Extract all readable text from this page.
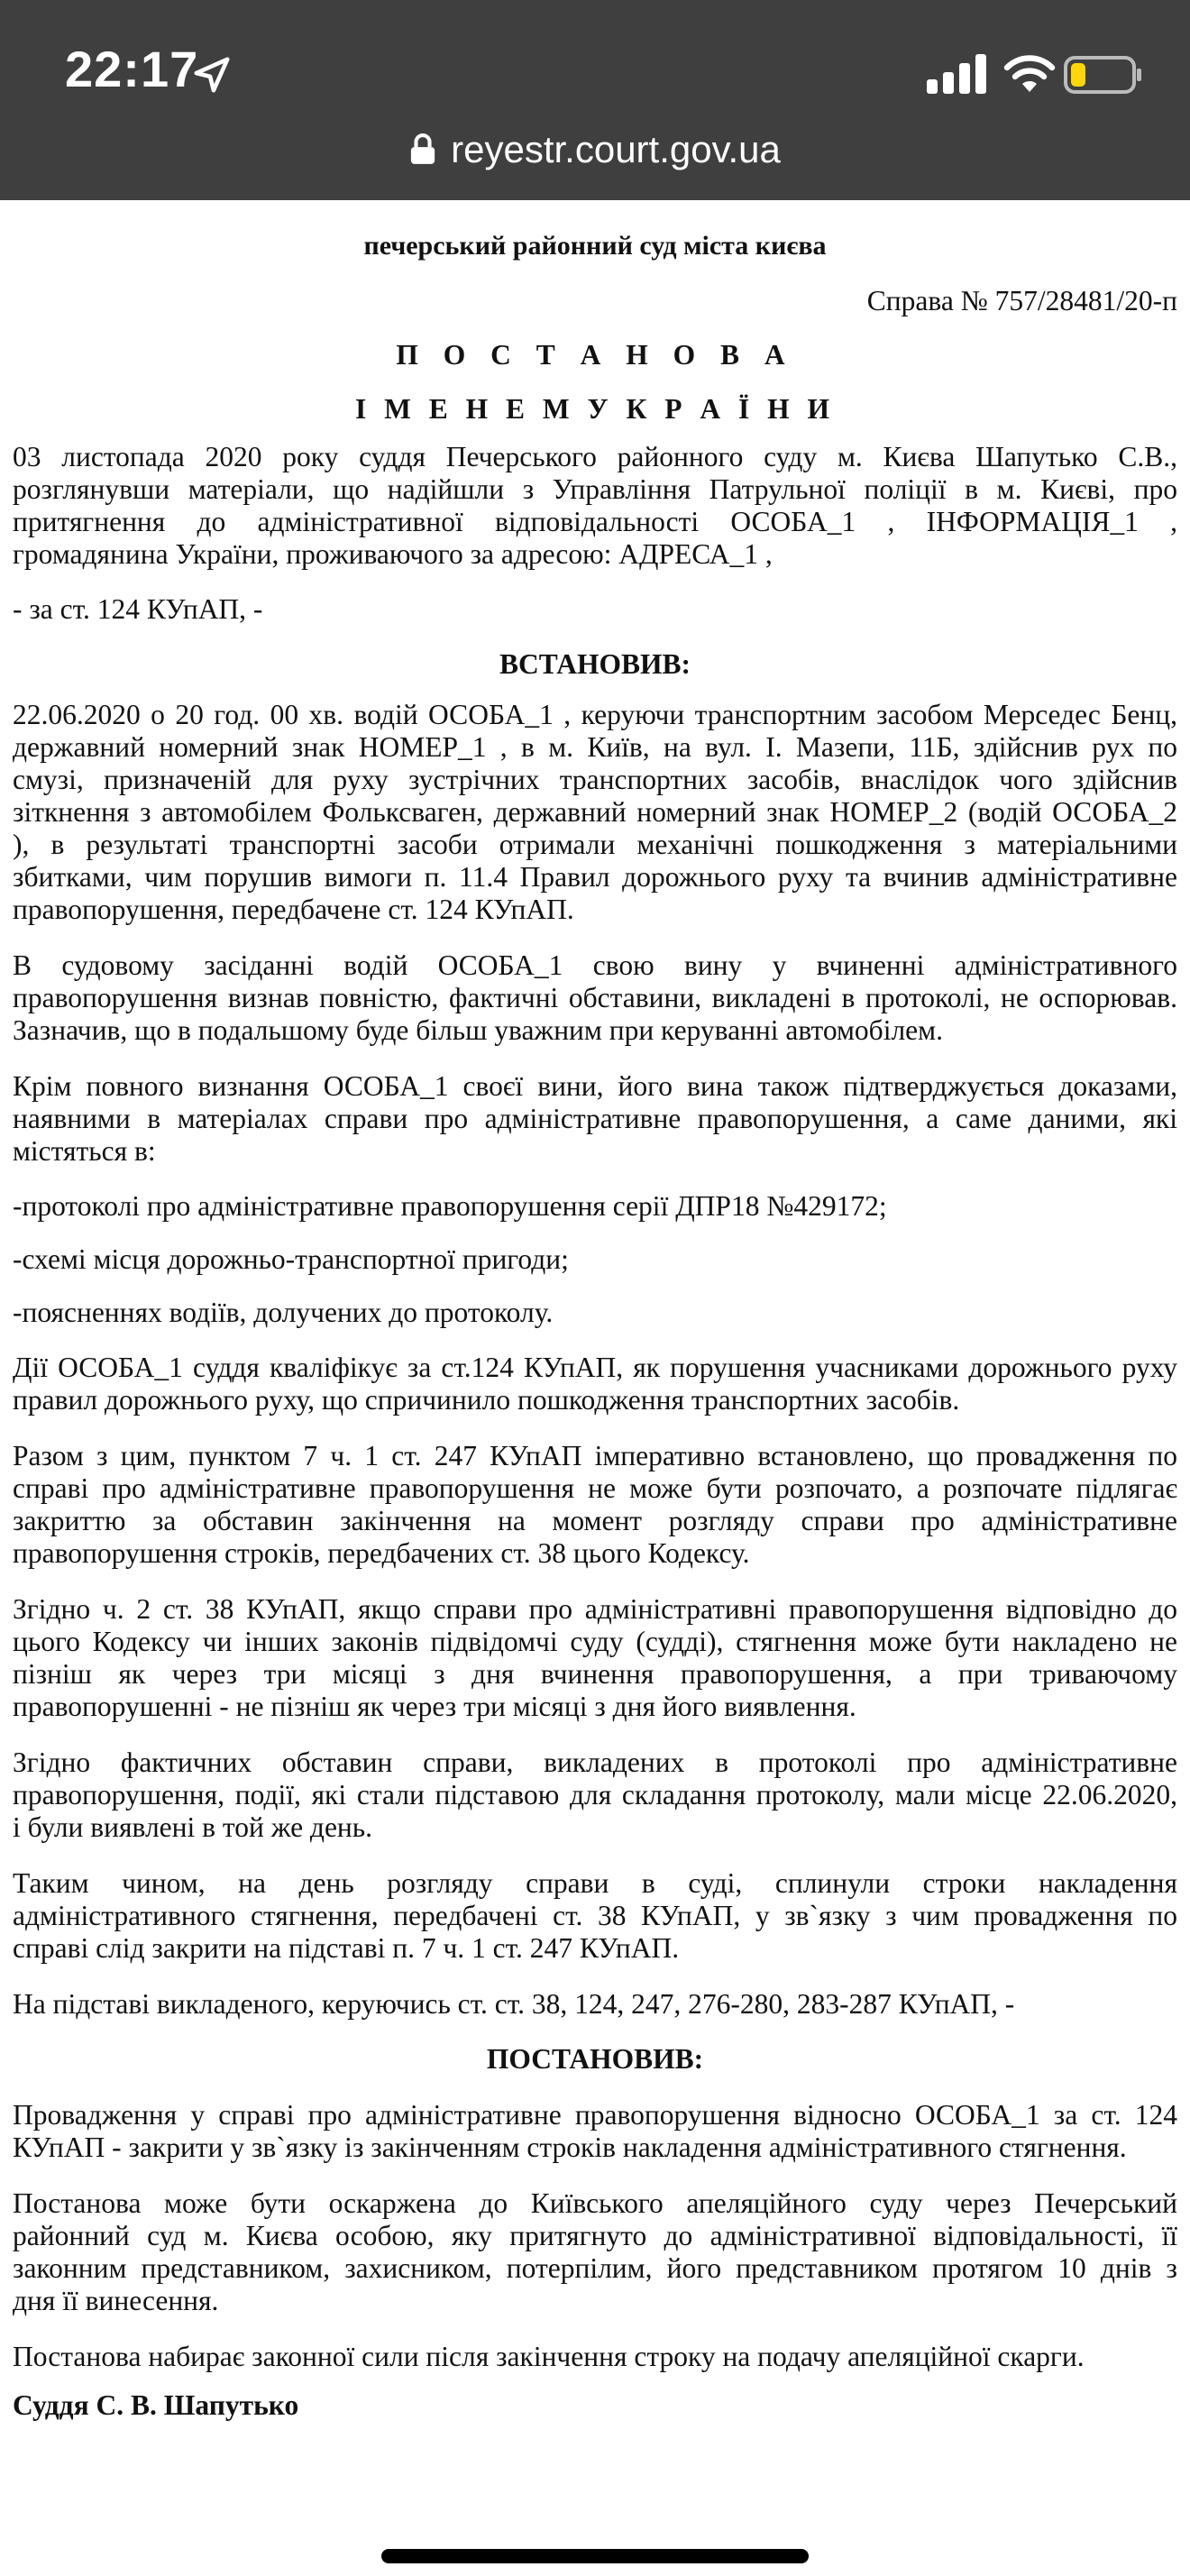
22:17
reyestr.court.gov.ua
печерський районний суд міста києва
Справа № 757/28481/20-п
П О С Т А Н О В А
І М Е Н Е М У К Р А Ї Н И
03 листопада 2020 року суддя Печерського районного суду м. Києва Шапутько С.В.,
розглянувши матеріали, що надійшли з Управління Патрульної поліції в м. Києві, про
притягнення до адміністративної відповідальності ОСОБА_1 , ІНФОРМАЦІЯ_1 ,
громадянина України, проживаючого за адресою: АДРЕСА_1 ,
- за ст. 124 КУпАП, -
ВСТАНОВИВ:
22.06.2020 о 20 год. 00 хв. водій ОСОБА_1 , керуючи транспортним засобом Мерседес Бенц,
державний номерний знак НОМЕР_1 , в м. Київ, на вул. І. Мазепи, 11Б, здійснив рух по
смузі, призначеній для руху зустрічних транспортних засобів, внаслідок чого здійснив
зіткнення з автомобілем Фольксваген, державний номерний знак НОМЕР_2 (водій ОСОБА_2
), в результаті транспортні засоби отримали механічні пошкодження з матеріальними
збитками, чим порушив вимоги п. 11.4 Правил дорожнього руху та вчинив адміністративне
правопорушення, передбачене ст. 124 КУпАП.
В судовому засіданні водій ОСОБА_1 свою вину у вчиненні адміністративного
правопорушення визнав повністю, фактичні обставини, викладені в протоколі, не оспорював.
Зазначив, що в подальшому буде більш уважним при керуванні автомобілем.
Крім повного визнання ОСОБА_1 своєї вини, його вина також підтверджується доказами,
наявними в матеріалах справи про адміністративне правопорушення, а саме даними, які
містяться в:
-протоколі про адміністративне правопорушення серії ДПР18 №429172;
-схемі місця дорожньо-транспортної пригоди;
-поясненнях водіїв, долучених до протоколу.
Дії ОСОБА_1 суддя кваліфікує за ст.124 КУпАП, як порушення учасниками дорожнього руху
правил дорожнього руху, що спричинило пошкодження транспортних засобів.
Разом з цим, пунктом 7 ч. 1 ст. 247 КУпАП імперативно встановлено, що провадження по
справі про адміністративне правопорушення не може бути розпочато, а розпочате підлягає
закриттю за обставин закінчення на момент розгляду справи про адміністративне
правопорушення строків, передбачених ст. 38 цього Кодексу.
Згідно ч. 2 ст. 38 КУпАП, якщо справи про адміністративні правопорушення відповідно до
цього Кодексу чи інших законів підвідомчі суду (судді), стягнення може бути накладено не
пізніш як через три місяці з дня вчинення правопорушення, а при триваючому
правопорушенні - не пізніш як через три місяці з дня його виявлення.
Згідно фактичних обставин справи, викладених в протоколі про адміністративне
правопорушення, події, які стали підставою для складання протоколу, мали місце 22.06.2020,
і були виявлені в той же день.
Таким чином, на день розгляду справи в суді, сплинули строки накладення
адміністративного стягнення, передбачені ст. 38 КУпАП, у зв`язку з чим провадження по
справі слід закрити на підставі п. 7 ч. 1 ст. 247 КУпАП.
На підставі викладеного, керуючись ст. ст. 38, 124, 247, 276-280, 283-287 КУпАП, -
ПОСТАНОВИВ:
Провадження у справі про адміністративне правопорушення відносно ОСОБА_1 за ст. 124
КУпАП - закрити у зв`язку із закінченням строків накладення адміністративного стягнення.
Постанова може бути оскаржена до Київського апеляційного суду через Печерський
районний суд м. Києва особою, яку притягнуто до адміністративної відповідальності, її
законним представником, захисником, потерпілим, його представником протягом 10 днів з
дня її винесення.
Постанова набирає законної сили після закінчення строку на подачу апеляційної скарги.
Суддя С. В. Шапутько
